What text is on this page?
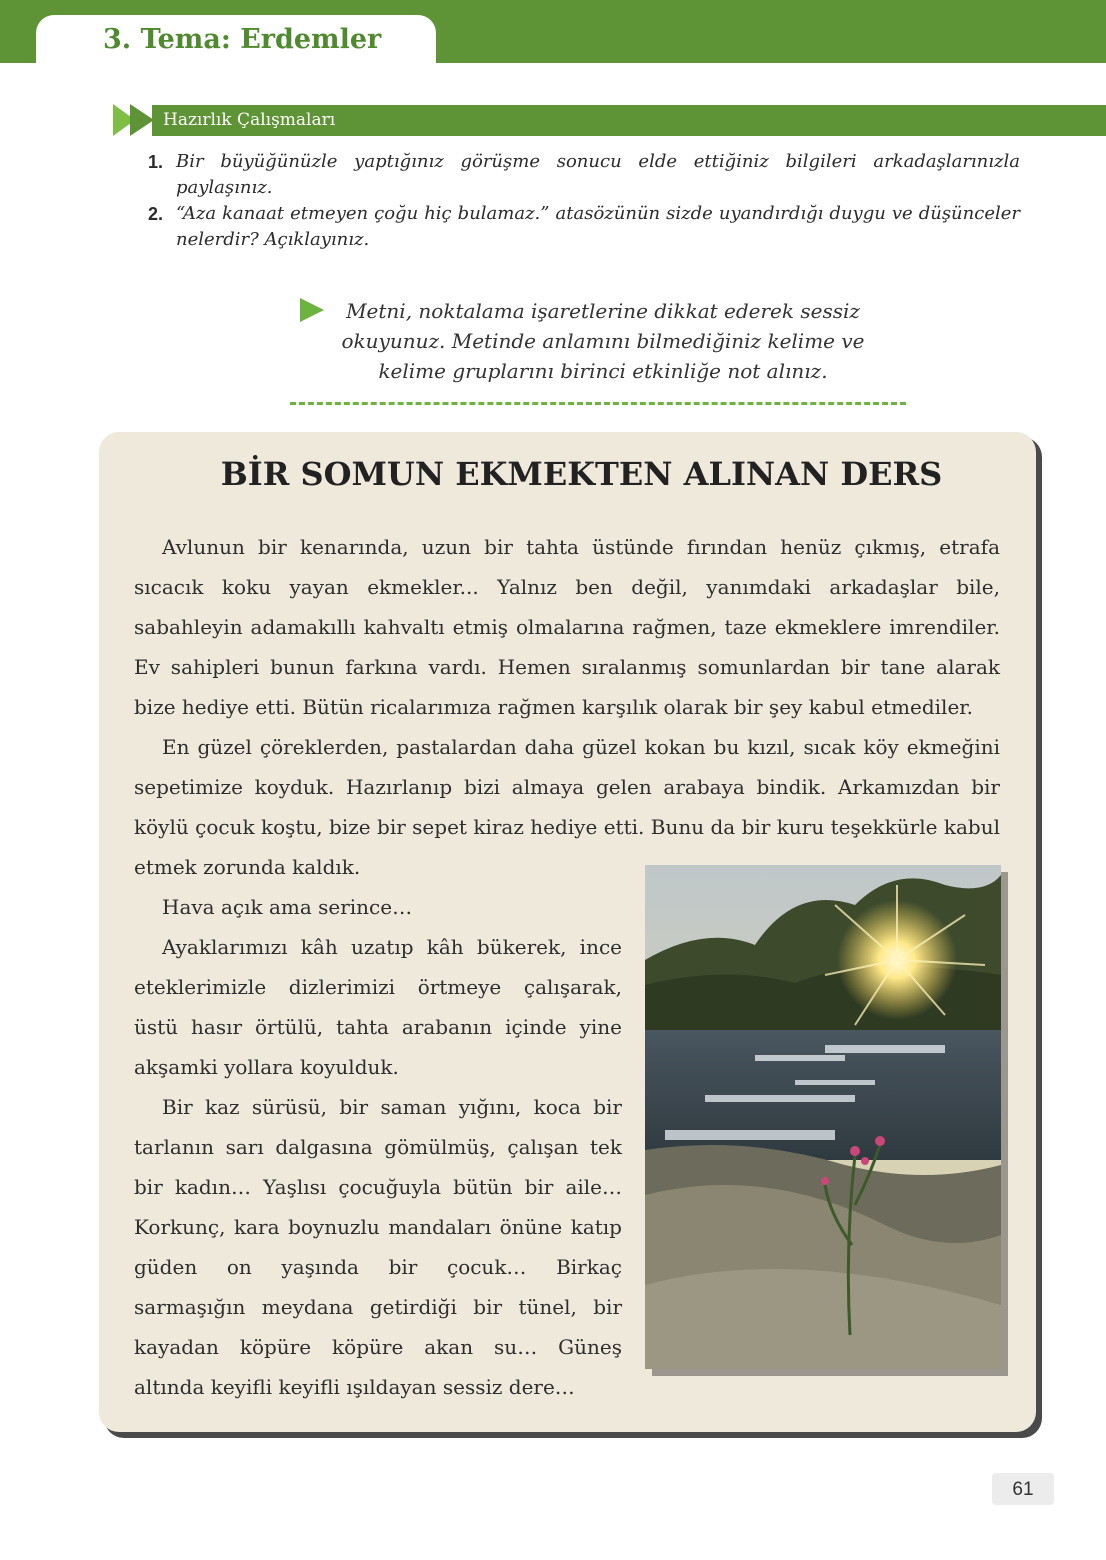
3. Tema: Erdemler
Hazırlık Çalışmaları
1. Bir büyüğünüzle yaptığınız görüşme sonucu elde ettiğiniz bilgileri arkadaşlarınızla paylaşınız.
2. “Aza kanaat etmeyen çoğu hiç bulamaz.” atasözünün sizde uyandırdığı duygu ve düşünceler nelerdir? Açıklayınız.
Metni, noktalama işaretlerine dikkat ederek sessiz
okuyunuz. Metinde anlamını bilmediğiniz kelime ve
kelime gruplarını birinci etkinliğe not alınız.
BİR SOMUN EKMEKTEN ALINAN DERS
Avlunun bir kenarında, uzun bir tahta üstünde fırından henüz çıkmış, etrafa sıcacık koku yayan ekmekler... Yalnız ben değil, yanımdaki arkadaşlar bile, sabahleyin adamakıllı kahvaltı etmiş olmalarına rağmen, taze ekmeklere imrendiler. Ev sahipleri bunun farkına vardı. Hemen sıralanmış somunlardan bir tane alarak bize hediye etti. Bütün ricalarımıza rağmen karşılık olarak bir şey kabul etmediler.
En güzel çöreklerden, pastalardan daha güzel kokan bu kızıl, sıcak köy ekmeğini sepetimize koyduk. Hazırlanıp bizi almaya gelen arabaya bindik. Arkamızdan bir köylü çocuk koştu, bize bir sepet kiraz hediye etti. Bunu da bir kuru teşekkürle kabul etmek zorunda kaldık.
Hava açık ama serince…
Ayaklarımızı kâh uzatıp kâh bükerek, ince eteklerimizle dizlerimizi örtmeye çalışarak, üstü hasır örtülü, tahta arabanın içinde yine akşamki yollara koyulduk.
Bir kaz sürüsü, bir saman yığını, koca bir tarlanın sarı dalgasına gömülmüş, çalışan tek bir kadın… Yaşlısı çocuğuyla bütün bir aile… Korkunç, kara boynuzlu mandaları önüne katıp güden on yaşında bir çocuk… Birkaç sarmaşığın meydana getirdiği bir tünel, bir kayadan köpüre köpüre akan su… Güneş altında keyifli keyifli ışıldayan sessiz dere…
61
